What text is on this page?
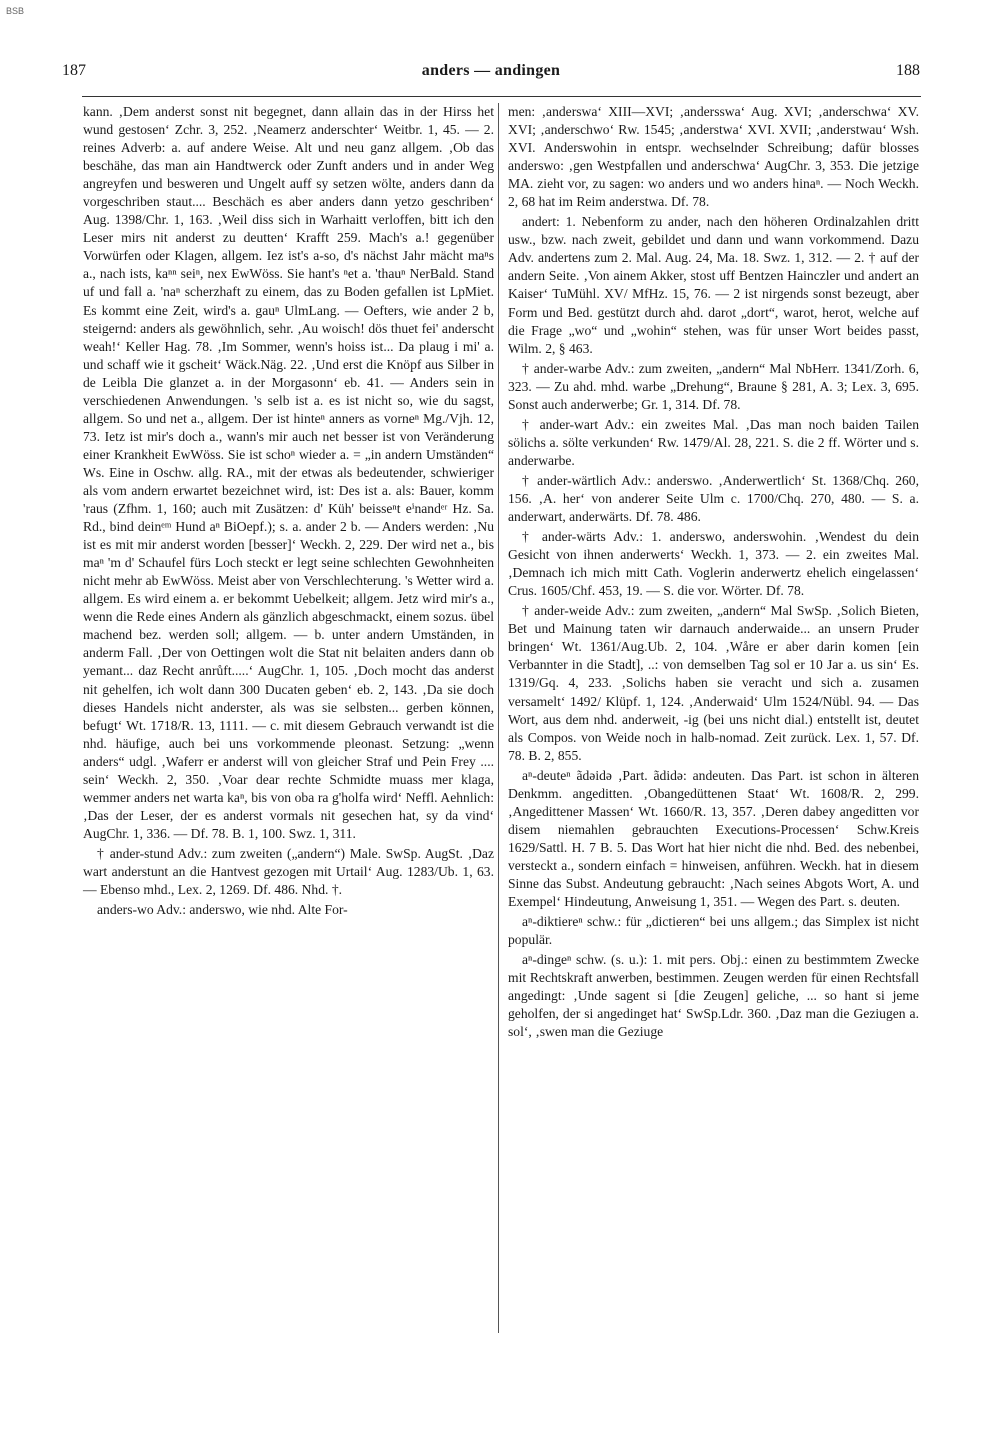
BSB
187	anders — andingen	188

kann. ‚Dem anderst sonst nit begegnet, dann allain das in der Hirss het wund gestosen‘ Zchr. 3, 252. ‚Neamerz anderschter‘ Weitbr. 1, 45. — 2. reines Adverb: a. auf andere Weise. Alt und neu ganz allgem. ‚Ob das beschähe, das man ain Handtwerck oder Zunft anders und in ander Weg angreyfen und besweren und Ungelt auff sy setzen wölte, anders dann da vorgeschriben staut.... Beschäch es aber anders dann yetzo geschriben‘ Aug. 1398/Chr. 1, 163. ‚Weil diss sich in Warhaitt verloffen, bitt ich den Leser mirs nit anderst zu deutten‘ Krafft 259. Mach's a.! gegenüber Vorwürfen oder Klagen, allgem. Iez ist's a-so, d's nächst Jahr mächt maⁿs a., nach ists, kaⁿⁿ seiⁿ, nex EwWöss. Sie hant's ⁿet a. 'thauⁿ NerBald. Stand uf und fall a. 'naⁿ scherzhaft zu einem, das zu Boden gefallen ist LpMiet. Es kommt eine Zeit, wird's a. gauⁿ UlmLang. — Oefters, wie ander 2 b, steigernd: anders als gewöhnlich, sehr. ‚Au woisch! dös thuet fei' anderscht weah!‘ Keller Hag. 78. ‚Im Sommer, wenn's hoiss ist... Da plaug i mi' a. und schaff wie it gscheit‘ Wäck.Näg. 22. ‚Und erst die Knöpf aus Silber in de Leibla Die glanzet a. in der Morgasonn‘ eb. 41. — Anders sein in verschiedenen Anwendungen. 's selb ist a. es ist nicht so, wie du sagst, allgem. So und net a., allgem. Der ist hinteⁿ anners as vorneⁿ Mg./Vjh. 12, 73. Ietz ist mir's doch a., wann's mir auch net besser ist von Veränderung einer Krankheit EwWöss. Sie ist schoⁿ wieder a. = „in andern Umständen“ Ws. Eine in Oschw. allg. RA., mit der etwas als bedeutender, schwieriger als vom andern erwartet bezeichnet wird, ist: Des ist a. als: Bauer, komm 'raus (Zfhm. 1, 160; auch mit Zusätzen: d' Küh' beisseⁿt eⁱnandᵉʳ Hz. Sa. Rd., bind deinᵉᵐ Hund aⁿ BiOepf.); s. a. ander 2 b. — Anders werden: ‚Nu ist es mit mir anderst worden [besser]‘ Weckh. 2, 229. Der wird net a., bis maⁿ 'm d' Schaufel fürs Loch steckt er legt seine schlechten Gewohnheiten nicht mehr ab EwWöss. Meist aber von Verschlechterung. 's Wetter wird a. allgem. Es wird einem a. er bekommt Uebelkeit; allgem. Jetz wird mir's a., wenn die Rede eines Andern als gänzlich abgeschmackt, einem sozus. übel machend bez. werden soll; allgem. — b. unter andern Umständen, in anderm Fall. ‚Der von Oettingen wolt die Stat nit belaiten anders dann ob yemant... daz Recht anrůft.....‘ AugChr. 1, 105. ‚Doch mocht das anderst nit gehelfen, ich wolt dann 300 Ducaten geben‘ eb. 2, 143. ‚Da sie doch dieses Handels nicht anderster, als was sie selbsten... gerben können, befugt‘ Wt. 1718/R. 13, 1111. — c. mit diesem Gebrauch verwandt ist die nhd. häufige, auch bei uns vorkommende pleonast. Setzung: „wenn anders“ udgl. ‚Waferr er anderst will von gleicher Straf und Pein Frey .... sein‘ Weckh. 2, 350. ‚Voar dear rechte Schmidte muass mer klaga, wemmer anders net warta kaⁿ, bis von oba ra g'holfa wird‘ Neffl. Aehnlich: ‚Das der Leser, der es anderst vormals nit gesechen hat, sy da vind‘ AugChr. 1, 336. — Df. 78. B. 1, 100. Swz. 1, 311.

† ander-stund Adv.: zum zweiten („andern“) Male. SwSp. AugSt. ‚Daz wart anderstunt an die Hantvest gezogen mit Urtail‘ Aug. 1283/Ub. 1, 63. — Ebenso mhd., Lex. 2, 1269. Df. 486. Nhd. †.

anders-wo Adv.: anderswo, wie nhd. Alte For-

men: ‚anderswa‘ XIII—XVI; ‚andersswa‘ Aug. XVI; ‚anderschwa‘ XV. XVI; ‚anderschwo‘ Rw. 1545; ‚anderstwa‘ XVI. XVII; ‚anderstwau‘ Wsh. XVI. Anderswohin in entspr. wechselnder Schreibung; dafür blosses anderswo: ‚gen Westpfallen und anderschwa‘ AugChr. 3, 353. Die jetzige MA. zieht vor, zu sagen: wo anders und wo anders hinaⁿ. — Noch Weckh. 2, 68 hat im Reim anderstwa. Df. 78.

andert: 1. Nebenform zu ander, nach den höheren Ordinalzahlen dritt usw., bzw. nach zweit, gebildet und dann und wann vorkommend. Dazu Adv. andertens zum 2. Mal. Aug. 24, Ma. 18. Swz. 1, 312. — 2. † auf der andern Seite. ‚Von ainem Akker, stost uff Bentzen Hainczler und andert an Kaiser‘ TuMühl. XV/ MfHz. 15, 76. — 2 ist nirgends sonst bezeugt, aber Form und Bed. gestützt durch ahd. darot „dort“, warot, herot, welche auf die Frage „wo“ und „wohin“ stehen, was für unser Wort beides passt, Wilm. 2, § 463.

† ander-warbe Adv.: zum zweiten, „andern“ Mal NbHerr. 1341/Zorh. 6, 323. — Zu ahd. mhd. warbe „Drehung“, Braune § 281, A. 3; Lex. 3, 695. Sonst auch anderwerbe; Gr. 1, 314. Df. 78.

† ander-wart Adv.: ein zweites Mal. ‚Das man noch baiden Tailen sölichs a. sölte verkunden‘ Rw. 1479/Al. 28, 221. S. die 2 ff. Wörter und s. anderwarbe.

† ander-wärtlich Adv.: anderswo. ‚Anderwertlich‘ St. 1368/Chq. 260, 156. ‚A. her‘ von anderer Seite Ulm c. 1700/Chq. 270, 480. — S. a. anderwart, anderwärts. Df. 78. 486.

† ander-wärts Adv.: 1. anderswo, anderswohin. ‚Wendest du dein Gesicht von ihnen anderwerts‘ Weckh. 1, 373. — 2. ein zweites Mal. ‚Demnach ich mich mitt Cath. Voglerin anderwertz ehelich eingelassen‘ Crus. 1605/Chf. 453, 19. — S. die vor. Wörter. Df. 78.

† ander-weide Adv.: zum zweiten, „andern“ Mal SwSp. ‚Solich Bieten, Bet und Mainung taten wir darnauch anderwaide... an unsern Pruder bringen‘ Wt. 1361/Aug.Ub. 2, 104. ‚Wåre er aber darin komen [ein Verbannter in die Stadt], ..: von demselben Tag sol er 10 Jar a. us sin‘ Es. 1319/Gq. 4, 233. ‚Solichs haben sie veracht und sich a. zusamen versamelt‘ 1492/ Klüpf. 1, 124. ‚Anderwaid‘ Ulm 1524/Nübl. 94. — Das Wort, aus dem nhd. anderweit, -ig (bei uns nicht dial.) entstellt ist, deutet als Compos. von Weide noch in halb-nomad. Zeit zurück. Lex. 1, 57. Df. 78. B. 2, 855.

aⁿ-deuteⁿ ãdəidə ‚Part. ãdidə: andeuten. Das Part. ist schon in älteren Denkmm. angeditten. ‚Obangedüttenen Staat‘ Wt. 1608/R. 2, 299. ‚Angedittener Massen‘ Wt. 1660/R. 13, 357. ‚Deren dabey angeditten vor disem niemahlen gebrauchten Executions-Processen‘ Schw.Kreis 1629/Sattl. H. 7 B. 5. Das Wort hat hier nicht die nhd. Bed. des nebenbei, versteckt a., sondern einfach = hinweisen, anführen. Weckh. hat in diesem Sinne das Subst. Andeutung gebraucht: ‚Nach seines Abgots Wort, A. und Exempel‘ Hindeutung, Anweisung 1, 351. — Wegen des Part. s. deuten.

aⁿ-diktiereⁿ schw.: für „dictieren“ bei uns allgem.; das Simplex ist nicht populär.

aⁿ-dingeⁿ schw. (s. u.): 1. mit pers. Obj.: einen zu bestimmtem Zwecke mit Rechtskraft anwerben, bestimmen. Zeugen werden für einen Rechtsfall angedingt: ‚Unde sagent si [die Zeugen] geliche, ... so hant si jeme geholfen, der si angedinget hat‘ SwSp.Ldr. 360. ‚Daz man die Geziugen a. sol‘, ‚swen man die Geziuge
